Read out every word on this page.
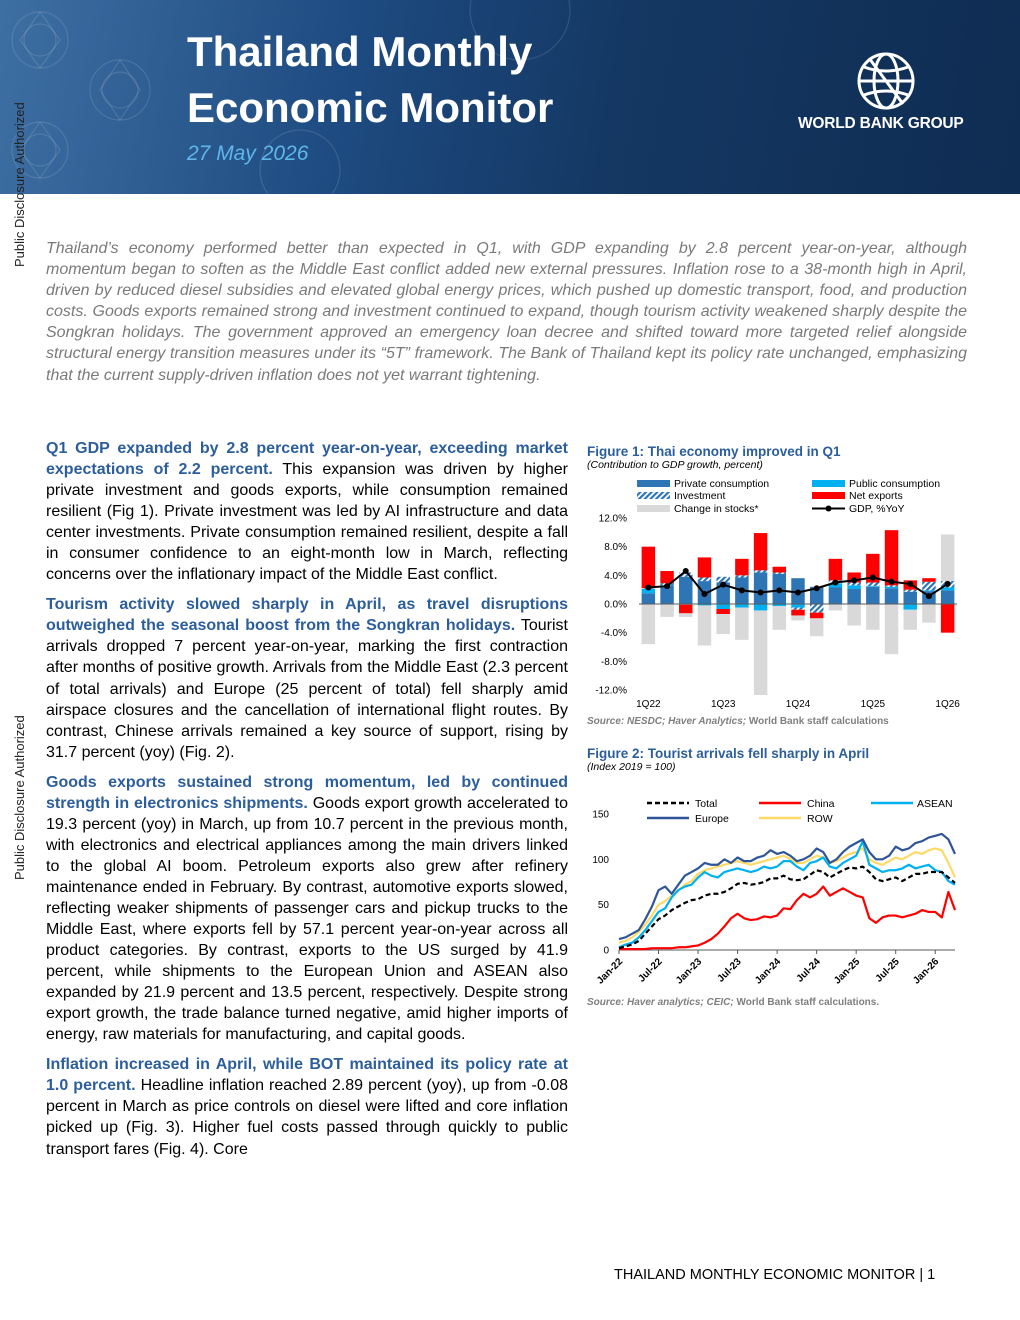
Thailand Monthly
Economic Monitor
27 May 2026
WORLD BANK GROUP
Public Disclosure Authorized
Public Disclosure Authorized

Thailand’s economy performed better than expected in Q1, with GDP expanding by 2.8 percent year-on-year, although momentum began to soften as the Middle East conflict added new external pressures. Inflation rose to a 38-month high in April, driven by reduced diesel subsidies and elevated global energy prices, which pushed up domestic transport, food, and production costs. Goods exports remained strong and investment continued to expand, though tourism activity weakened sharply despite the Songkran holidays. The government approved an emergency loan decree and shifted toward more targeted relief alongside structural energy transition measures under its “5T” framework. The Bank of Thailand kept its policy rate unchanged, emphasizing that the current supply-driven inflation does not yet warrant tightening.

Q1 GDP expanded by 2.8 percent year-on-year, exceeding market expectations of 2.2 percent. This expansion was driven by higher private investment and goods exports, while consumption remained resilient (Fig 1). Private investment was led by AI infrastructure and data center investments. Private consumption remained resilient, despite a fall in consumer confidence to an eight-month low in March, reflecting concerns over the inflationary impact of the Middle East conflict.

Tourism activity slowed sharply in April, as travel disruptions outweighed the seasonal boost from the Songkran holidays. Tourist arrivals dropped 7 percent year-on-year, marking the first contraction after months of positive growth. Arrivals from the Middle East (2.3 percent of total arrivals) and Europe (25 percent of total) fell sharply amid airspace closures and the cancellation of international flight routes. By contrast, Chinese arrivals remained a key source of support, rising by 31.7 percent (yoy) (Fig. 2).

Goods exports sustained strong momentum, led by continued strength in electronics shipments. Goods export growth accelerated to 19.3 percent (yoy) in March, up from 10.7 percent in the previous month, with electronics and electrical appliances among the main drivers linked to the global AI boom. Petroleum exports also grew after refinery maintenance ended in February. By contrast, automotive exports slowed, reflecting weaker shipments of passenger cars and pickup trucks to the Middle East, where exports fell by 57.1 percent year-on-year across all product categories. By contrast, exports to the US surged by 41.9 percent, while shipments to the European Union and ASEAN also expanded by 21.9 percent and 13.5 percent, respectively. Despite strong export growth, the trade balance turned negative, amid higher imports of energy, raw materials for manufacturing, and capital goods.

Inflation increased in April, while BOT maintained its policy rate at 1.0 percent. Headline inflation reached 2.89 percent (yoy), up from -0.08 percent in March as price controls on diesel were lifted and core inflation picked up (Fig. 3). Higher fuel costs passed through quickly to public transport fares (Fig. 4). Core

Figure 1: Thai economy improved in Q1
(Contribution to GDP growth, percent)
12.0%
8.0%
4.0%
0.0%
-4.0%
-8.0%
-12.0%
1Q22	1Q23	1Q24	1Q25	1Q26
Private consumption	Public consumption
Investment	Net exports
Change in stocks*	GDP, %YoY
Source: NESDC; Haver Analytics; World Bank staff calculations
Figure 2: Tourist arrivals fell sharply in April
(Index 2019 = 100)
0
50
100
150
Jan-22 Jul-22 Jan-23 Jul-23 Jan-24 Jul-24 Jan-25 Jul-25 Jan-26
Total	China	ASEAN
Europe	ROW
Source: Haver analytics; CEIC; World Bank staff calculations.
THAILAND MONTHLY ECONOMIC MONITOR | 1
